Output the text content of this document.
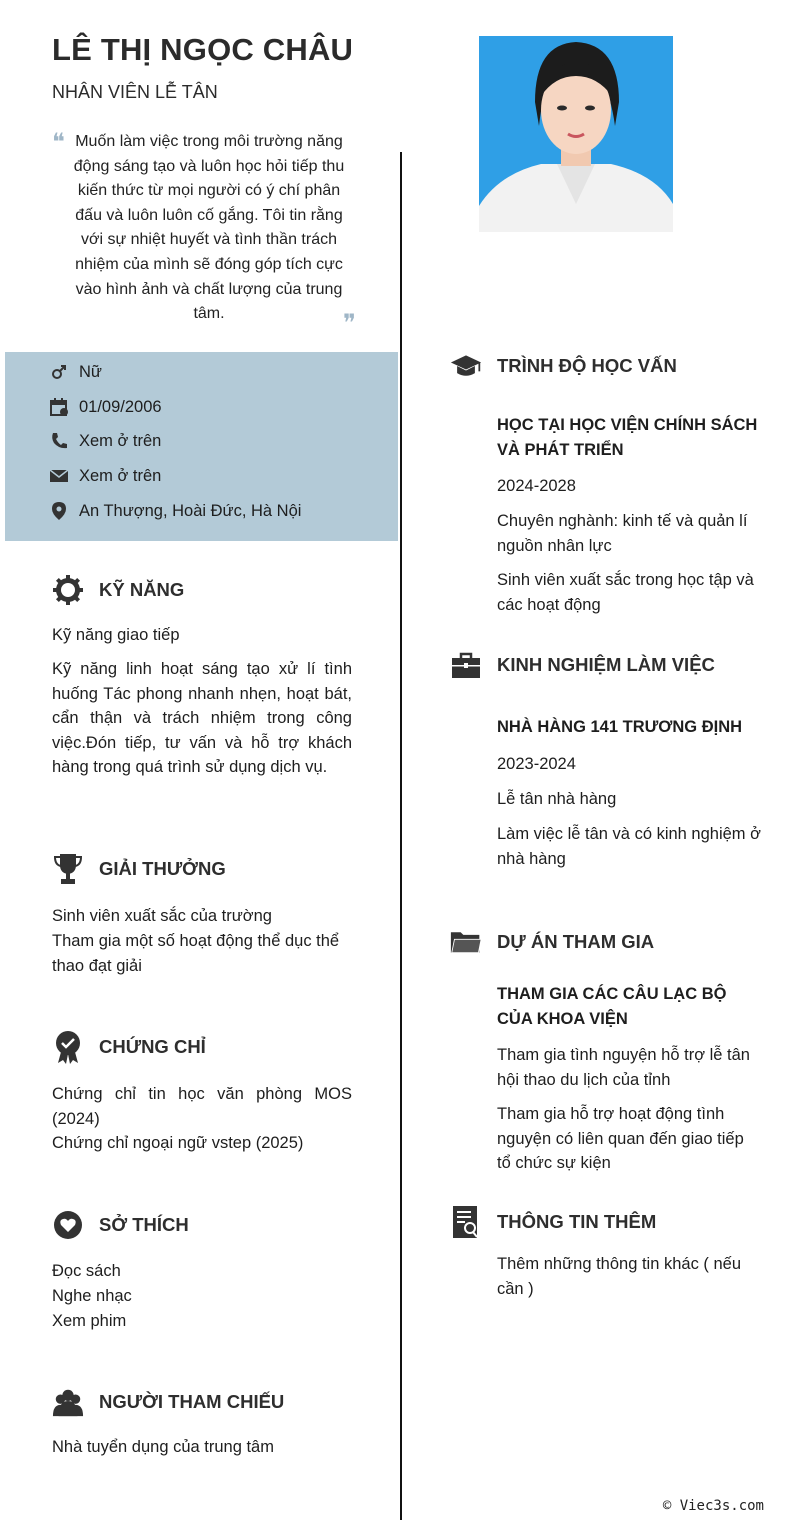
LÊ THỊ NGỌC CHÂU
NHÂN VIÊN LỄ TÂN
❝ Muốn làm việc trong môi trường năng động sáng tạo và luôn học hỏi tiếp thu kiến thức từ mọi người có ý chí phân đấu và luôn luôn cố gắng. Tôi tin rằng với sự nhiệt huyết và tình thần trách nhiệm của mình sẽ đóng góp tích cực vào hình ảnh và chất lượng của trung tâm.	❞
Nữ
01/09/2006
Xem ở trên
Xem ở trên
An Thượng, Hoài Đức, Hà Nội
KỸ NĂNG
Kỹ năng giao tiếp
Kỹ năng linh hoạt sáng tạo xử lí tình huống Tác phong nhanh nhẹn, hoạt bát, cẩn thận và trách nhiệm trong công việc.Đón tiếp, tư vấn và hỗ trợ khách hàng trong quá trình sử dụng dịch vụ.
GIẢI THƯỞNG
Sinh viên xuất sắc của trường
Tham gia một số hoạt động thể dục thể thao đạt giải
CHỨNG CHỈ
Chứng chỉ tin học văn phòng MOS (2024)
Chứng chỉ ngoại ngữ vstep (2025)
SỞ THÍCH
Đọc sách
Nghe nhạc
Xem phim
NGƯỜI THAM CHIẾU
Nhà tuyển dụng của trung tâm
TRÌNH ĐỘ HỌC VẤN
HỌC TẠI HỌC VIỆN CHÍNH SÁCH VÀ PHÁT TRIỂN
2024-2028
Chuyên nghành: kinh tế và quản lí nguồn nhân lực
Sinh viên xuất sắc trong học tập và các hoạt động
KINH NGHIỆM LÀM VIỆC
NHÀ HÀNG 141 TRƯƠNG ĐỊNH
2023-2024
Lễ tân nhà hàng
Làm việc lễ tân và có kinh nghiệm ở nhà hàng
DỰ ÁN THAM GIA
THAM GIA CÁC CÂU LẠC BỘ CỦA KHOA VIỆN
Tham gia tình nguyện hỗ trợ lễ tân hội thao du lịch của tỉnh
Tham gia hỗ trợ hoạt động tình nguyện có liên quan đến giao tiếp tổ chức sự kiện
THÔNG TIN THÊM
Thêm những thông tin khác ( nếu cần )
© Viec3s.com
